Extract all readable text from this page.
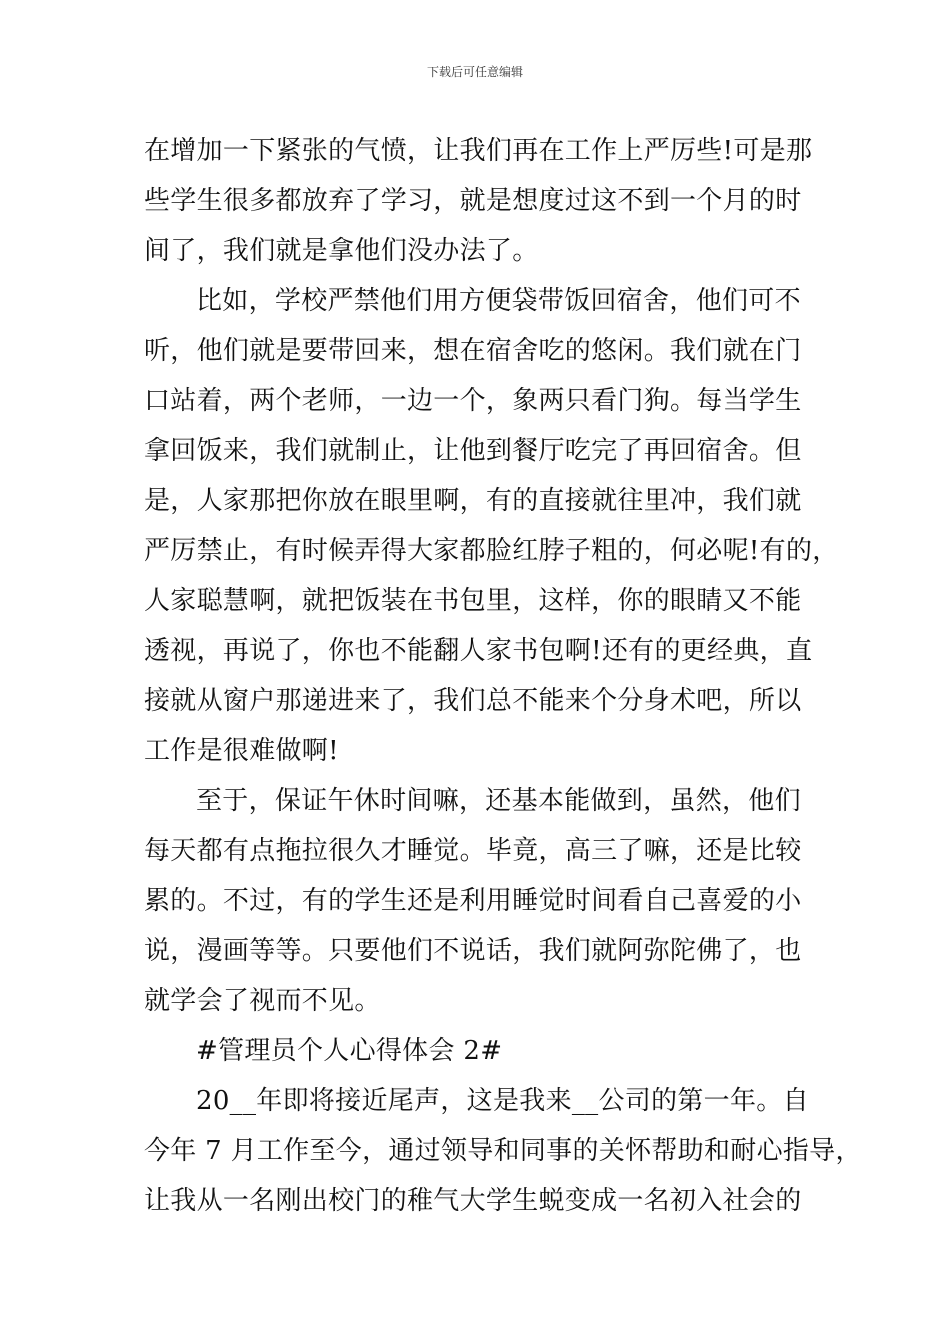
下载后可任意编辑
在增加一下紧张的气愤，让我们再在工作上严厉些!可是那
些学生很多都放弃了学习，就是想度过这不到一个月的时
间了，我们就是拿他们没办法了。
比如，学校严禁他们用方便袋带饭回宿舍，他们可不
听，他们就是要带回来，想在宿舍吃的悠闲。我们就在门
口站着，两个老师，一边一个，象两只看门狗。每当学生
拿回饭来，我们就制止，让他到餐厅吃完了再回宿舍。但
是，人家那把你放在眼里啊，有的直接就往里冲，我们就
严厉禁止，有时候弄得大家都脸红脖子粗的，何必呢!有的，
人家聪慧啊，就把饭装在书包里，这样，你的眼睛又不能
透视，再说了，你也不能翻人家书包啊!还有的更经典，直
接就从窗户那递进来了，我们总不能来个分身术吧，所以
工作是很难做啊!
至于，保证午休时间嘛，还基本能做到，虽然，他们
每天都有点拖拉很久才睡觉。毕竟，高三了嘛，还是比较
累的。不过，有的学生还是利用睡觉时间看自己喜爱的小
说，漫画等等。只要他们不说话，我们就阿弥陀佛了，也
就学会了视而不见。
#管理员个人心得体会 2#
20__年即将接近尾声，这是我来__公司的第一年。自
今年 7 月工作至今，通过领导和同事的关怀帮助和耐心指导，
让我从一名刚出校门的稚气大学生蜕变成一名初入社会的
